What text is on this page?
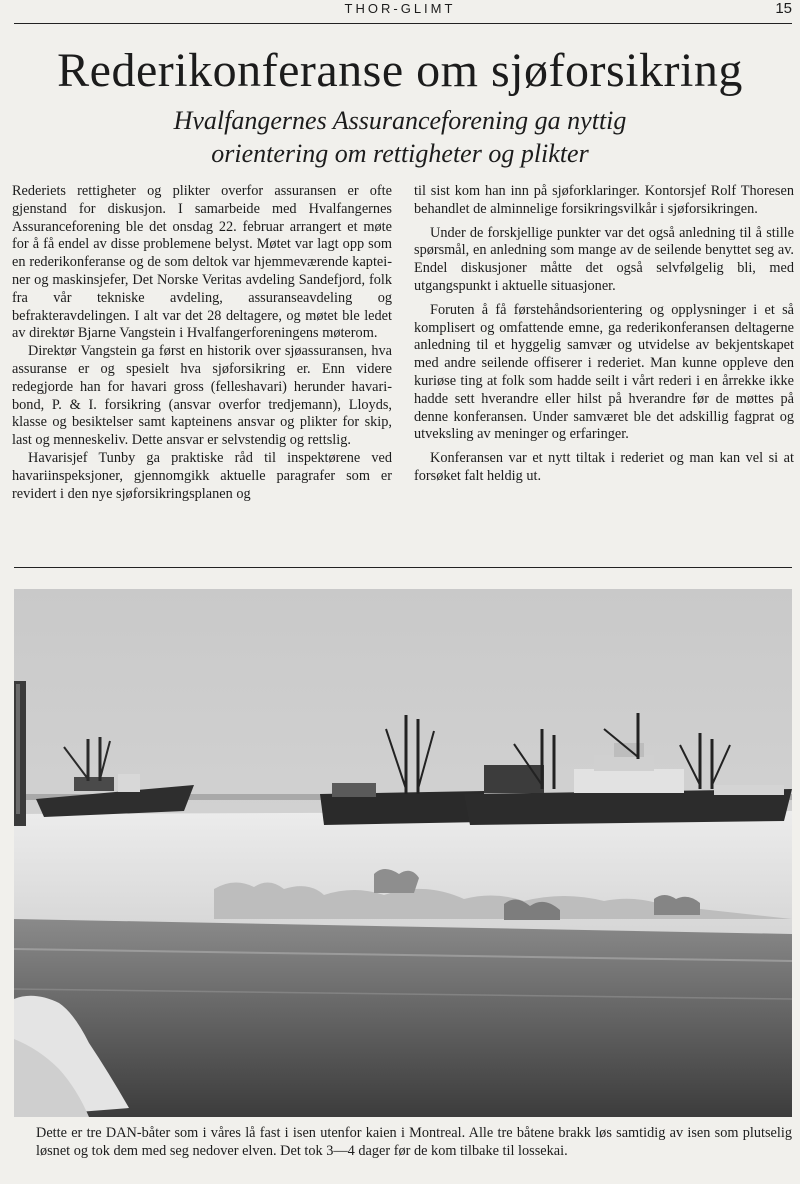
THOR-GLIMT	15
Rederikonferanse om sjøforsikring
Hvalfangernes Assuranceforening ga nyttig
orientering om rettigheter og plikter

Rederiets rettigheter og plikter overfor assuransen er ofte gjenstand for diskusjon. I samarbeide med Hvalfangernes Assuranceforening ble det onsdag 22. februar arrangert et møte for å få endel av disse problemene belyst. Møtet var lagt opp som en rederikonferanse og de som deltok var hjemmeværende kapteiner og maskinsjefer, Det Norske Veritas avdeling Sandefjord, folk fra vår tekniske avdeling, assuranseavdeling og befrakteravdelingen. I alt var det 28 deltagere, og møtet ble ledet av direktør Bjarne Vangstein i Hvalfangerforeningens møterom.

Direktør Vangstein ga først en historik over sjøassuransen, hva assuranse er og spesielt hva sjøforsikring er. Enn videre redegjorde han for havari gross (felleshavari) herunder havari-bond, P. & I. forsikring (ansvar overfor tredjemann), Lloyds, klasse og besiktelser samt kapteinens ansvar og plikter for skip, last og menneskeliv. Dette ansvar er selvstendig og rettslig.

Havarisjef Tunby ga praktiske råd til inspektørene ved havariinspeksjoner, gjennomgikk aktuelle paragrafer som er revidert i den nye sjøforsikringsplanen og

til sist kom han inn på sjøforklaringer. Kontorsjef Rolf Thoresen behandlet de alminnelige forsikringsvilkår i sjøforsikringen.

Under de forskjellige punkter var det også anledning til å stille spørsmål, en anledning som mange av de seilende benyttet seg av. Endel diskusjoner måtte det også selvfølgelig bli, med utgangspunkt i aktuelle situasjoner.

Foruten å få førstehåndsorientering og opplysninger i et så komplisert og omfattende emne, ga rederikonferansen deltagerne anledning til et hyggelig samvær og utvidelse av bekjentskapet med andre seilende offiserer i rederiet. Man kunne oppleve den kuriøse ting at folk som hadde seilt i vårt rederi i en årrekke ikke hadde sett hverandre eller hilst på hverandre før de møttes på denne konferansen. Under samværet ble det adskillig fagprat og utveksling av meninger og erfaringer.

Konferansen var et nytt tiltak i rederiet og man kan vel si at forsøket falt heldig ut.

Dette er tre DAN-båter som i våres lå fast i isen utenfor kaien i Montreal. Alle tre båtene brakk løs samtidig av isen som plutselig løsnet og tok dem med seg nedover elven. Det tok 3—4 dager før de kom tilbake til lossekai.
